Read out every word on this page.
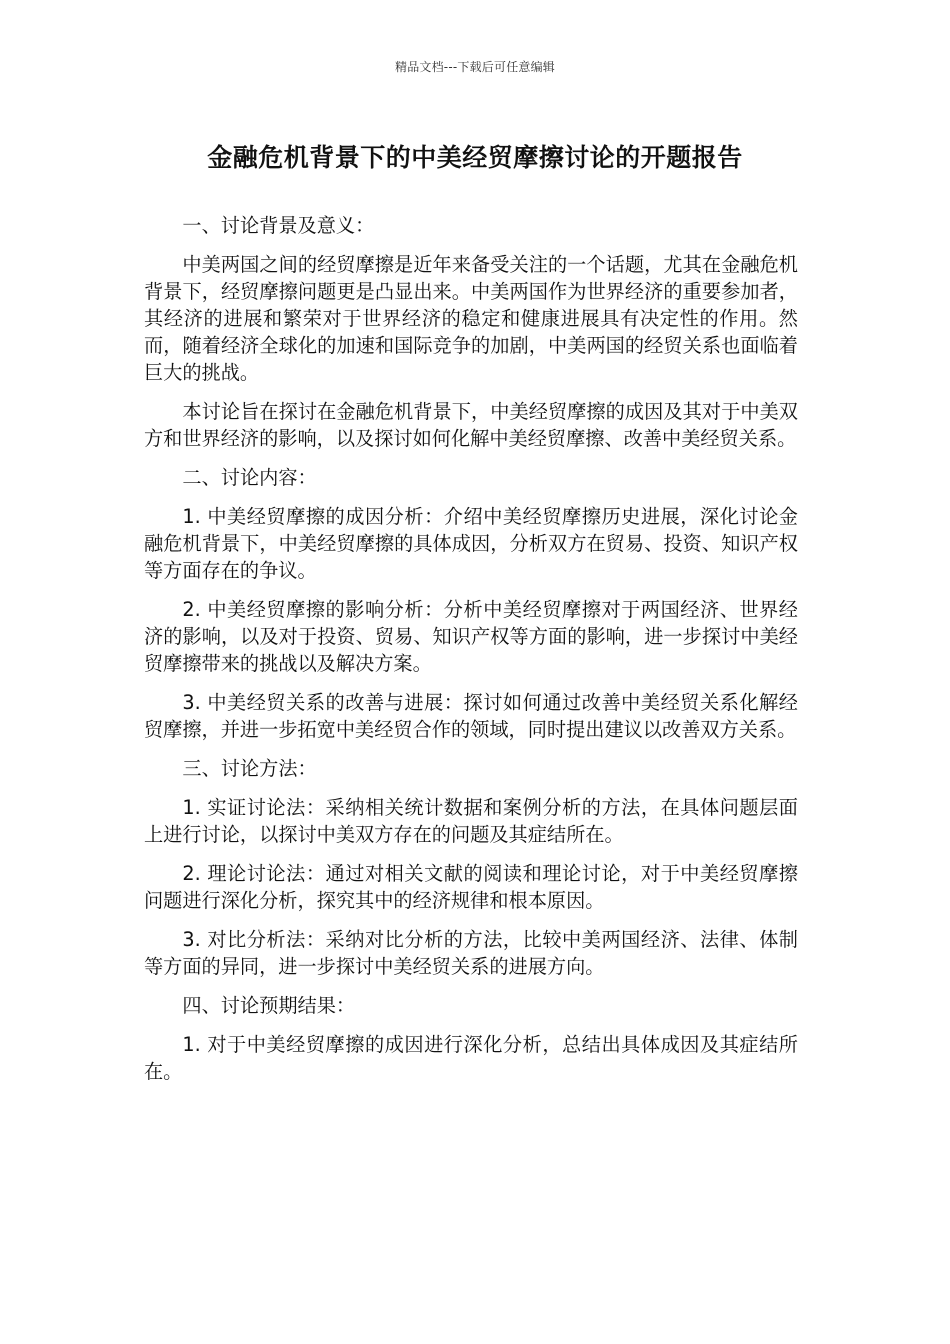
精品文档---下载后可任意编辑
金融危机背景下的中美经贸摩擦讨论的开题报告

一、讨论背景及意义：

中美两国之间的经贸摩擦是近年来备受关注的一个话题，尤其在金融危机背景下，经贸摩擦问题更是凸显出来。中美两国作为世界经济的重要参加者，其经济的进展和繁荣对于世界经济的稳定和健康进展具有决定性的作用。然而，随着经济全球化的加速和国际竞争的加剧，中美两国的经贸关系也面临着巨大的挑战。

本讨论旨在探讨在金融危机背景下，中美经贸摩擦的成因及其对于中美双方和世界经济的影响，以及探讨如何化解中美经贸摩擦、改善中美经贸关系。

二、讨论内容：

1. 中美经贸摩擦的成因分析：介绍中美经贸摩擦历史进展，深化讨论金融危机背景下，中美经贸摩擦的具体成因，分析双方在贸易、投资、知识产权等方面存在的争议。

2. 中美经贸摩擦的影响分析：分析中美经贸摩擦对于两国经济、世界经济的影响，以及对于投资、贸易、知识产权等方面的影响，进一步探讨中美经贸摩擦带来的挑战以及解决方案。

3. 中美经贸关系的改善与进展：探讨如何通过改善中美经贸关系化解经贸摩擦，并进一步拓宽中美经贸合作的领域，同时提出建议以改善双方关系。

三、讨论方法：

1. 实证讨论法：采纳相关统计数据和案例分析的方法，在具体问题层面上进行讨论，以探讨中美双方存在的问题及其症结所在。

2. 理论讨论法：通过对相关文献的阅读和理论讨论，对于中美经贸摩擦问题进行深化分析，探究其中的经济规律和根本原因。

3. 对比分析法：采纳对比分析的方法，比较中美两国经济、法律、体制等方面的异同，进一步探讨中美经贸关系的进展方向。

四、讨论预期结果：

1. 对于中美经贸摩擦的成因进行深化分析，总结出具体成因及其症结所在。
